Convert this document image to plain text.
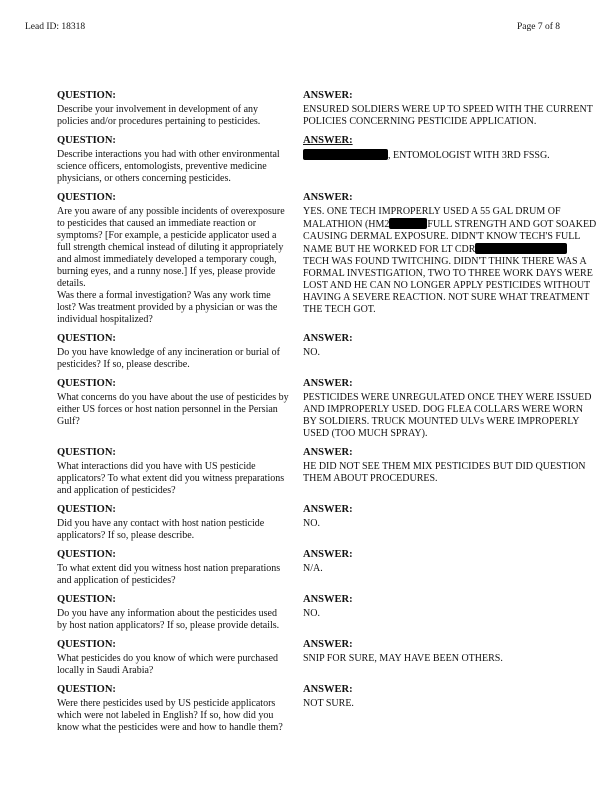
Lead ID: 18318	Page 7 of 8
QUESTION:
Describe your involvement in development of any policies and/or procedures pertaining to pesticides.
ANSWER:
ENSURED SOLDIERS WERE UP TO SPEED WITH THE CURRENT POLICIES CONCERNING PESTICIDE APPLICATION.
QUESTION:
Describe interactions you had with other environmental science officers, entomologists, preventive medicine physicians, or others concerning pesticides.
ANSWER:
, ENTOMOLOGIST WITH 3RD FSSG.
QUESTION:
Are you aware of any possible incidents of overexposure to pesticides that caused an immediate reaction or symptoms? [For example, a pesticide applicator used a full strength chemical instead of diluting it appropriately and almost immediately developed a temporary cough, burning eyes, and a runny nose.] If yes, please provide details.
Was there a formal investigation? Was any work time lost? Was treatment provided by a physician or was the individual hospitalized?
ANSWER:
YES. ONE TECH IMPROPERLY USED A 55 GAL DRUM OF MALATHION (HM2	FULL STRENGTH AND GOT SOAKED CAUSING DERMAL EXPOSURE. DIDN'T KNOW TECH'S FULL NAME BUT HE WORKED FOR LT CDR
TECH WAS FOUND TWITCHING. DIDN'T THINK THERE WAS A FORMAL INVESTIGATION, TWO TO THREE WORK DAYS WERE LOST AND HE CAN NO LONGER APPLY PESTICIDES WITHOUT HAVING A SEVERE REACTION. NOT SURE WHAT TREATMENT THE TECH GOT.
QUESTION:
Do you have knowledge of any incineration or burial of pesticides? If so, please describe.
ANSWER:
NO.
QUESTION:
What concerns do you have about the use of pesticides by either US forces or host nation personnel in the Persian Gulf?
ANSWER:
PESTICIDES WERE UNREGULATED ONCE THEY WERE ISSUED AND IMPROPERLY USED. DOG FLEA COLLARS WERE WORN BY SOLDIERS. TRUCK MOUNTED ULVs WERE IMPROPERLY USED (TOO MUCH SPRAY).
QUESTION:
What interactions did you have with US pesticide applicators? To what extent did you witness preparations and application of pesticides?
ANSWER:
HE DID NOT SEE THEM MIX PESTICIDES BUT DID QUESTION THEM ABOUT PROCEDURES.
QUESTION:
Did you have any contact with host nation pesticide applicators? If so, please describe.
ANSWER:
NO.
QUESTION:
To what extent did you witness host nation preparations and application of pesticides?
ANSWER:
N/A.
QUESTION:
Do you have any information about the pesticides used by host nation applicators? If so, please provide details.
ANSWER:
NO.
QUESTION:
What pesticides do you know of which were purchased locally in Saudi Arabia?
ANSWER:
SNIP FOR SURE, MAY HAVE BEEN OTHERS.
QUESTION:
Were there pesticides used by US pesticide applicators which were not labeled in English? If so, how did you know what the pesticides were and how to handle them?
ANSWER:
NOT SURE.
